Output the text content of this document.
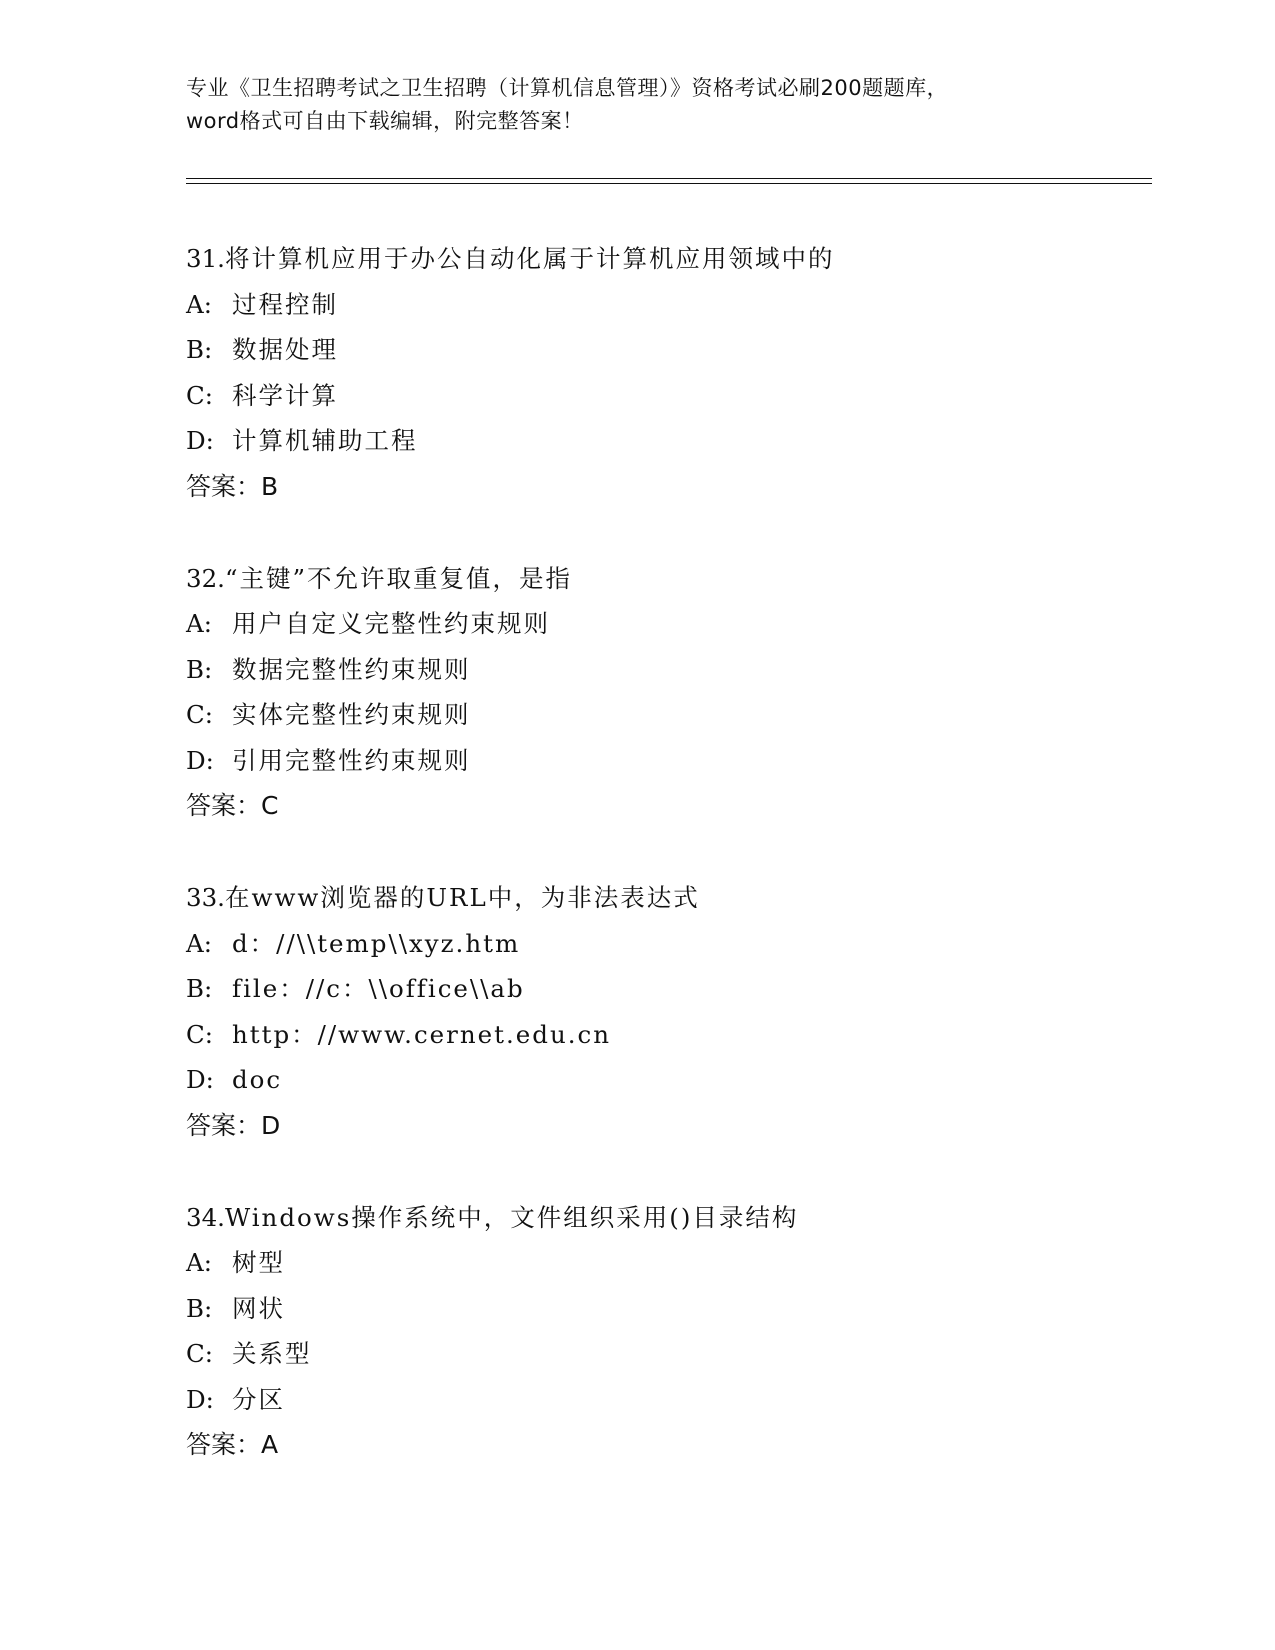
专业《卫生招聘考试之卫生招聘（计算机信息管理）》资格考试必刷200题题库，
word格式可自由下载编辑，附完整答案！
31.将计算机应用于办公自动化属于计算机应用领域中的
A: 过程控制
B: 数据处理
C: 科学计算
D: 计算机辅助工程
答案：B
32.“主键”不允许取重复值，是指
A: 用户自定义完整性约束规则
B: 数据完整性约束规则
C: 实体完整性约束规则
D: 引用完整性约束规则
答案：C
33.在www浏览器的URL中，为非法表达式
A: d：//\\temp\\xyz.htm
B: file：//c：\\office\\ab
C: http：//www.cernet.edu.cn
D: doc
答案：D
34.Windows操作系统中，文件组织采用()目录结构
A: 树型
B: 网状
C: 关系型
D: 分区
答案：A
